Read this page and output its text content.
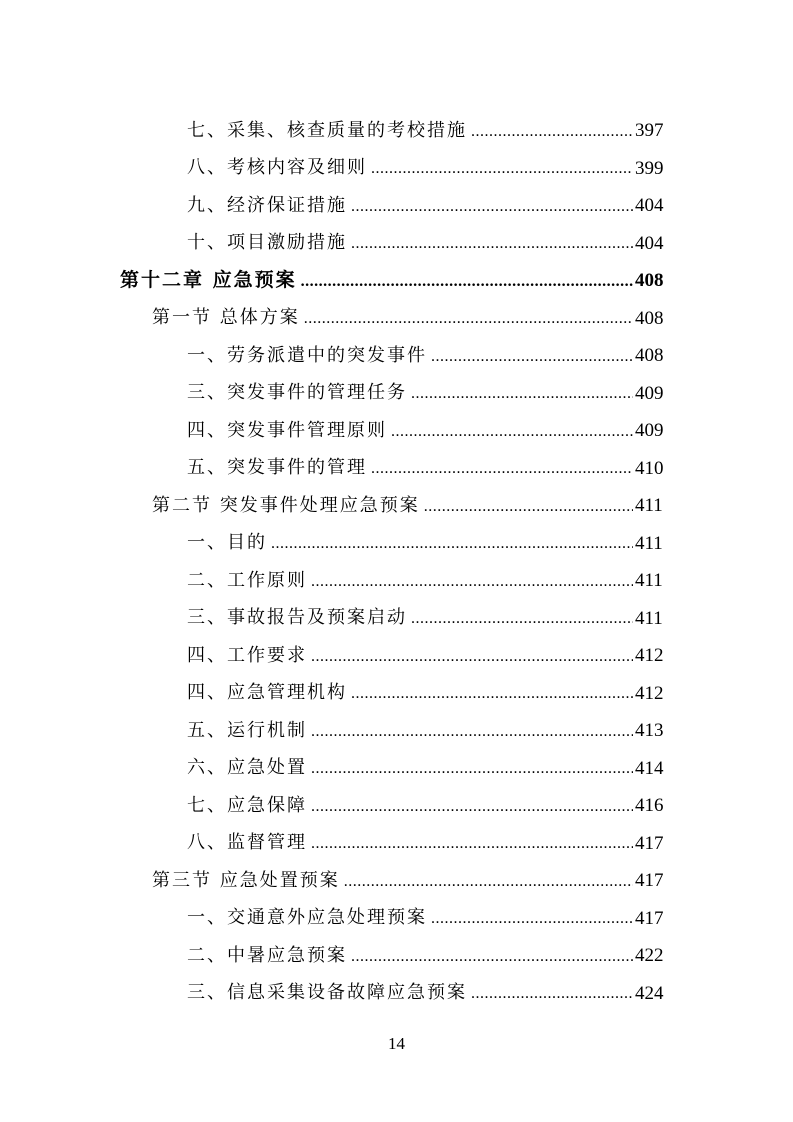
七、采集、核查质量的考校措施 .....	397
八、考核内容及细则 .....	399
九、经济保证措施 .....	404
十、项目激励措施 .....	404
第十二章 应急预案 .....	408
第一节 总体方案 .....	408
一、劳务派遣中的突发事件 .....	408
三、突发事件的管理任务 .....	409
四、突发事件管理原则 .....	409
五、突发事件的管理 .....	410
第二节 突发事件处理应急预案 .....	411
一、目的 .....	411
二、工作原则 .....	411
三、事故报告及预案启动 .....	411
四、工作要求 .....	412
四、应急管理机构 .....	412
五、运行机制 .....	413
六、应急处置 .....	414
七、应急保障 .....	416
八、监督管理 .....	417
第三节 应急处置预案 .....	417
一、交通意外应急处理预案 .....	417
二、中暑应急预案 .....	422
三、信息采集设备故障应急预案 .....	424
14
